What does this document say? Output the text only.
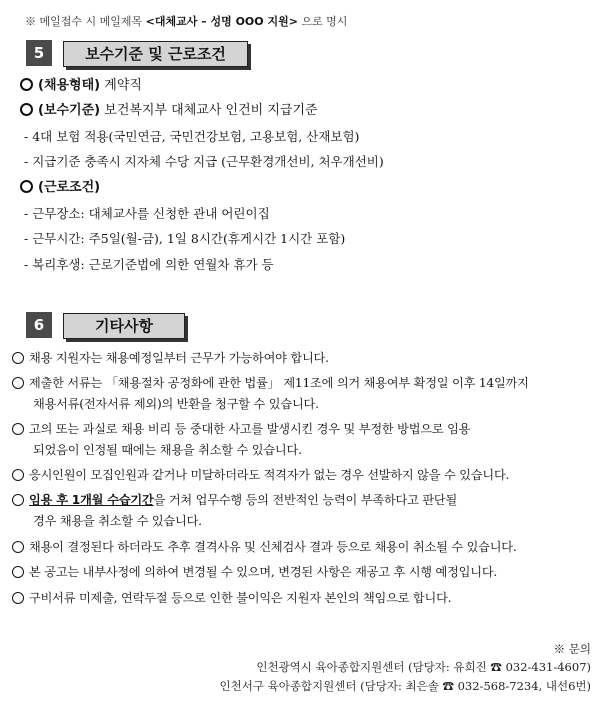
※ 메일접수 시 메일제목 <대체교사 – 성명 OOO 지원> 으로 명시
5	보수기준 및 근로조건
(채용형태) 계약직
(보수기준) 보건복지부 대체교사 인건비 지급기준
- 4대 보험 적용(국민연금, 국민건강보험, 고용보험, 산재보험)
- 지급기준 충족시 지자체 수당 지급 (근무환경개선비, 처우개선비)
(근로조건)
- 근무장소: 대체교사를 신청한 관내 어린이집
- 근무시간: 주5일(월-금), 1일 8시간(휴게시간 1시간 포함)
- 복리후생: 근로기준법에 의한 연월차 휴가 등
6	기타사항
채용 지원자는 채용예정일부터 근무가 가능하여야 합니다.
제출한 서류는 「채용절차 공정화에 관한 법률」 제11조에 의거 채용여부 확정일 이후 14일까지
채용서류(전자서류 제외)의 반환을 청구할 수 있습니다.
고의 또는 과실로 채용 비리 등 중대한 사고를 발생시킨 경우 및 부정한 방법으로 임용
되었음이 인정될 때에는 채용을 취소할 수 있습니다.
응시인원이 모집인원과 같거나 미달하더라도 적격자가 없는 경우 선발하지 않을 수 있습니다.
임용 후 1개월 수습기간을 거쳐 업무수행 등의 전반적인 능력이 부족하다고 판단될
경우 채용을 취소할 수 있습니다.
채용이 결정된다 하더라도 추후 결격사유 및 신체검사 결과 등으로 채용이 취소될 수 있습니다.
본 공고는 내부사정에 의하여 변경될 수 있으며, 변경된 사항은 재공고 후 시행 예정입니다.
구비서류 미제출, 연락두절 등으로 인한 불이익은 지원자 본인의 책임으로 합니다.
※ 문의
인천광역시 육아종합지원센터 (담당자: 유희진 ☎ 032-431-4607)
인천서구 육아종합지원센터 (담당자: 최은솔 ☎ 032-568-7234, 내선6번)
